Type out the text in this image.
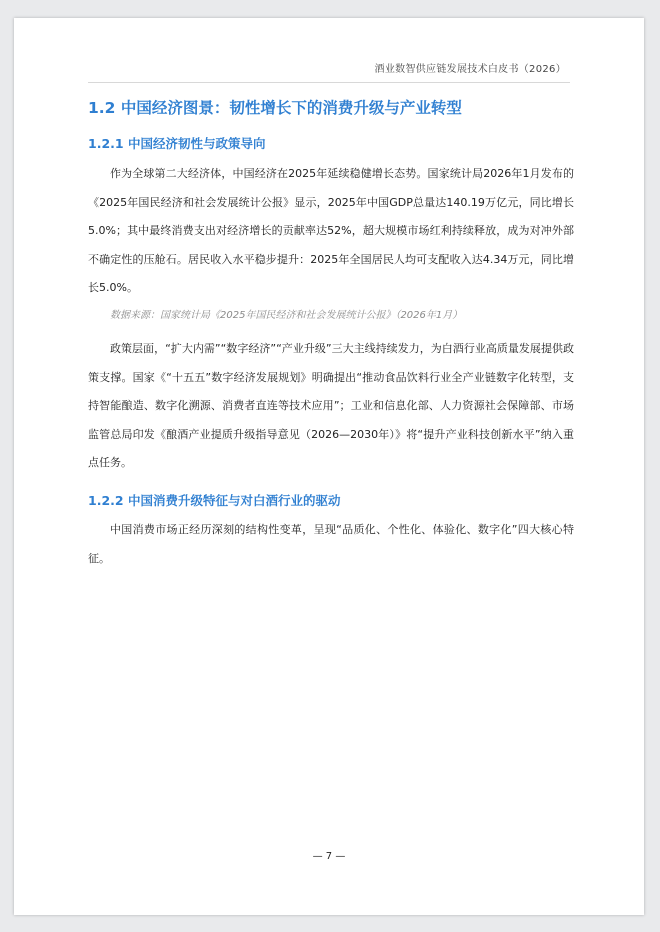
酒业数智供应链发展技术白皮书（2026）
1.2 中国经济图景：韧性增长下的消费升级与产业转型
1.2.1 中国经济韧性与政策导向

作为全球第二大经济体，中国经济在2025年延续稳健增长态势。国家统计局2026年1月发布的《2025年国民经济和社会发展统计公报》显示，2025年中国GDP总量达140.19万亿元，同比增长5.0%；其中最终消费支出对经济增长的贡献率达52%，超大规模市场红利持续释放，成为对冲外部不确定性的压舱石。居民收入水平稳步提升：2025年全国居民人均可支配收入达4.34万元，同比增长5.0%。

数据来源：国家统计局《2025年国民经济和社会发展统计公报》（2026年1月）

政策层面，“扩大内需”“数字经济”“产业升级”三大主线持续发力，为白酒行业高质量发展提供政策支撑。国家《“十五五”数字经济发展规划》明确提出“推动食品饮料行业全产业链数字化转型，支持智能酿造、数字化溯源、消费者直连等技术应用”；工业和信息化部、人力资源社会保障部、市场监管总局印发《酿酒产业提质升级指导意见（2026—2030年）》将“提升产业科技创新水平”纳入重点任务。

1.2.2 中国消费升级特征与对白酒行业的驱动

中国消费市场正经历深刻的结构性变革，呈现“品质化、个性化、体验化、数字化”四大核心特征。

— 7 —
